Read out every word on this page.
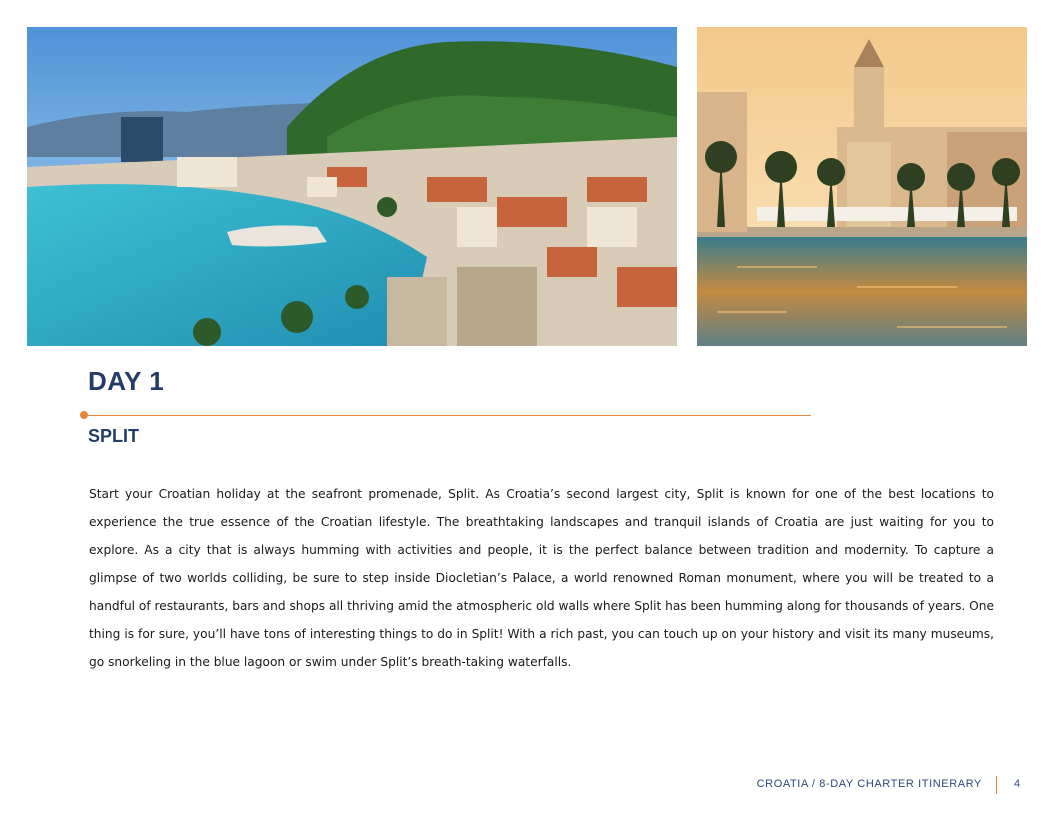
DAY 1
SPLIT

Start your Croatian holiday at the seafront promenade, Split. As Croatia’s second largest city, Split is known for one of the best locations to experience the true essence of the Croatian lifestyle. The breathtaking landscapes and tranquil islands of Croatia are just waiting for you to explore. As a city that is always humming with activities and people, it is the perfect balance between tradition and modernity. To capture a glimpse of two worlds colliding, be sure to step inside Diocletian’s Palace, a world renowned Roman monument, where you will be treated to a handful of restaurants, bars and shops all thriving amid the atmospheric old walls where Split has been humming along for thousands of years. One thing is for sure, you’ll have tons of interesting things to do in Split! With a rich past, you can touch up on your history and visit its many museums, go snorkeling in the blue lagoon or swim under Split’s breath-taking waterfalls.

CROATIA / 8-DAY CHARTER ITINERARY	4
